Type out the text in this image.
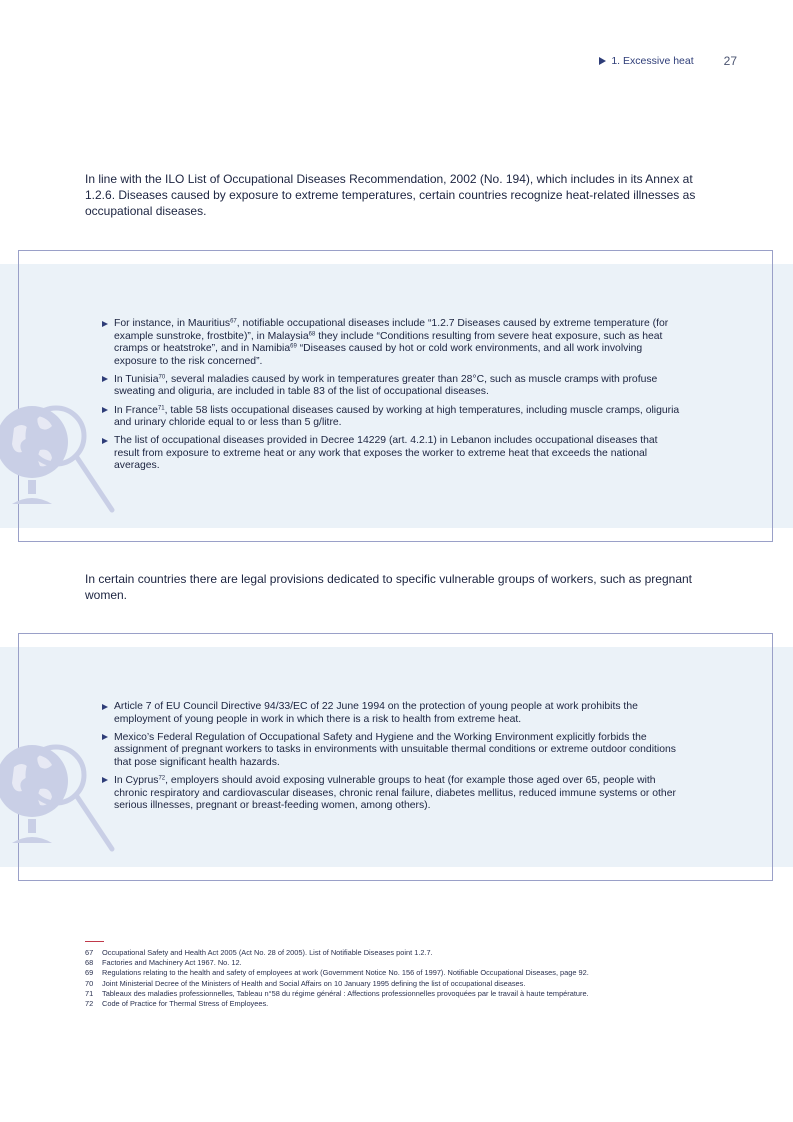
1. Excessive heat	27

In line with the ILO List of Occupational Diseases Recommendation, 2002 (No. 194), which includes in its Annex at 1.2.6. Diseases caused by exposure to extreme temperatures, certain countries recognize heat-related illnesses as occupational diseases.

For instance, in Mauritius$^{67}$, notifiable occupational diseases include “1.2.7 Diseases caused by extreme temperature (for example sunstroke, frostbite)”, in Malaysia$^{68}$ they include “Conditions resulting from severe heat exposure, such as heat cramps or heatstroke”, and in Namibia$^{69}$ “Diseases caused by hot or cold work environments, and all work involving exposure to the risk concerned”.
In Tunisia$^{70}$, several maladies caused by work in temperatures greater than 28°C, such as muscle cramps with profuse sweating and oliguria, are included in table 83 of the list of occupational diseases.
In France$^{71}$, table 58 lists occupational diseases caused by working at high temperatures, including muscle cramps, oliguria and urinary chloride equal to or less than 5 g/litre.
The list of occupational diseases provided in Decree 14229 (art. 4.2.1) in Lebanon includes occupational diseases that result from exposure to extreme heat or any work that exposes the worker to extreme heat that exceeds the national averages.

In certain countries there are legal provisions dedicated to specific vulnerable groups of workers, such as pregnant women.

Article 7 of EU Council Directive 94/33/EC of 22 June 1994 on the protection of young people at work prohibits the employment of young people in work in which there is a risk to health from extreme heat.
Mexico’s Federal Regulation of Occupational Safety and Hygiene and the Working Environment explicitly forbids the assignment of pregnant workers to tasks in environments with unsuitable thermal conditions or extreme outdoor conditions that pose significant health hazards.
In Cyprus$^{72}$, employers should avoid exposing vulnerable groups to heat (for example those aged over 65, people with chronic respiratory and cardiovascular diseases, chronic renal failure, diabetes mellitus, reduced immune systems or other serious illnesses, pregnant or breast-feeding women, among others).
67	Occupational Safety and Health Act 2005 (Act No. 28 of 2005). List of Notifiable Diseases point 1.2.7.
68	Factories and Machinery Act 1967. No. 12.
69	Regulations relating to the health and safety of employees at work (Government Notice No. 156 of 1997). Notifiable Occupational Diseases, page 92.
70	Joint Ministerial Decree of the Ministers of Health and Social Affairs on 10 January 1995 defining the list of occupational diseases.
71	Tableaux des maladies professionnelles, Tableau n°58 du régime général : Affections professionnelles provoquées par le travail à haute température.
72	Code of Practice for Thermal Stress of Employees.
